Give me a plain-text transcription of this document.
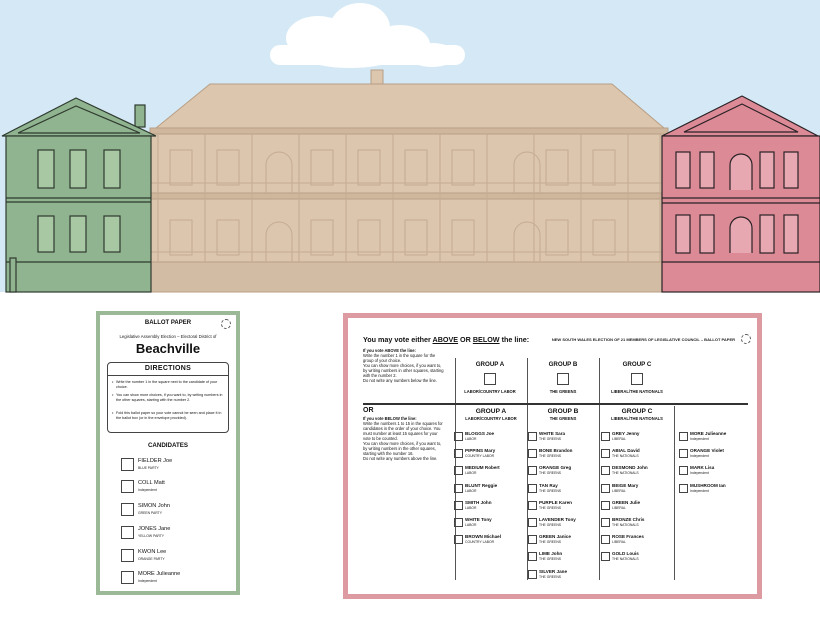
BALLOT PAPER
Legislative Assembly Election – Electoral District of
Beachville
DIRECTIONS
• Write the number 1 in the square next to the candidate of your choice.
• You can show more choices, if you want to, by writing numbers in the other squares, starting with the number 2.
• Fold this ballot paper so your vote cannot be seen and place it in the ballot box (or in the envelope provided).
CANDIDATES
FIELDER Joe
BLUE PARTY
COLL Matt
Independent
SIMON John
GREEN PARTY
JONES Jane
YELLOW PARTY
KWON Lee
ORANGE PARTY
MORE Julieanne
Independent
You may vote either ABOVE OR BELOW the line:	NEW SOUTH WALES ELECTION OF 21 MEMBERS OF LEGISLATIVE COUNCIL – BALLOT PAPER
If you vote ABOVE the line:
Write the number 1 in the square for the group of your choice.
You can show more choices, if you want to, by writing numbers in other squares, starting with the number 2.
Do not write any numbers below the line.
GROUP A
LABOR/COUNTRY LABOR
GROUP B
THE GREENS
GROUP C
LIBERAL/THE NATIONALS
OR
If you vote BELOW the line:
Write the numbers 1 to 15 in the squares for candidates in the order of your choice. You must number at least 15 squares for your vote to be counted.
You can show more choices, if you want to, by writing numbers in the other squares, starting with the number 16.
Do not write any numbers above the line.
GROUP A
LABOR/COUNTRY LABOR
GROUP B
THE GREENS
GROUP C
LIBERAL/THE NATIONALS
BLOGGS Joe
LABOR
PIPPINS Mary
COUNTRY LABOR
MEDIUM Robert
LABOR
BLUNT Reggie
LABOR
SMITH John
LABOR
WHITE Tony
LABOR
BROWN Michael
COUNTRY LABOR
WHITE Sara
THE GREENS
BONE Brandon
THE GREENS
ORANGE Greg
THE GREENS
TAN Ray
THE GREENS
PURPLE Karen
THE GREENS
LAVENDER Tony
THE GREENS
GREEN Janice
THE GREENS
LIME John
THE GREENS
SILVER Jane
THE GREENS
GREY Jenny
LIBERAL
ABIAL David
THE NATIONALS
DESMOND John
THE NATIONALS
BEIGE Mary
LIBERAL
GREEN Julie
LIBERAL
BRONZE Chris
THE NATIONALS
ROSE Frances
LIBERAL
GOLD Louis
THE NATIONALS
MORE Julieanne
Independent
ORANGE Violet
Independent
MARK Lisa
Independent
MUSHROOM Ian
Independent
